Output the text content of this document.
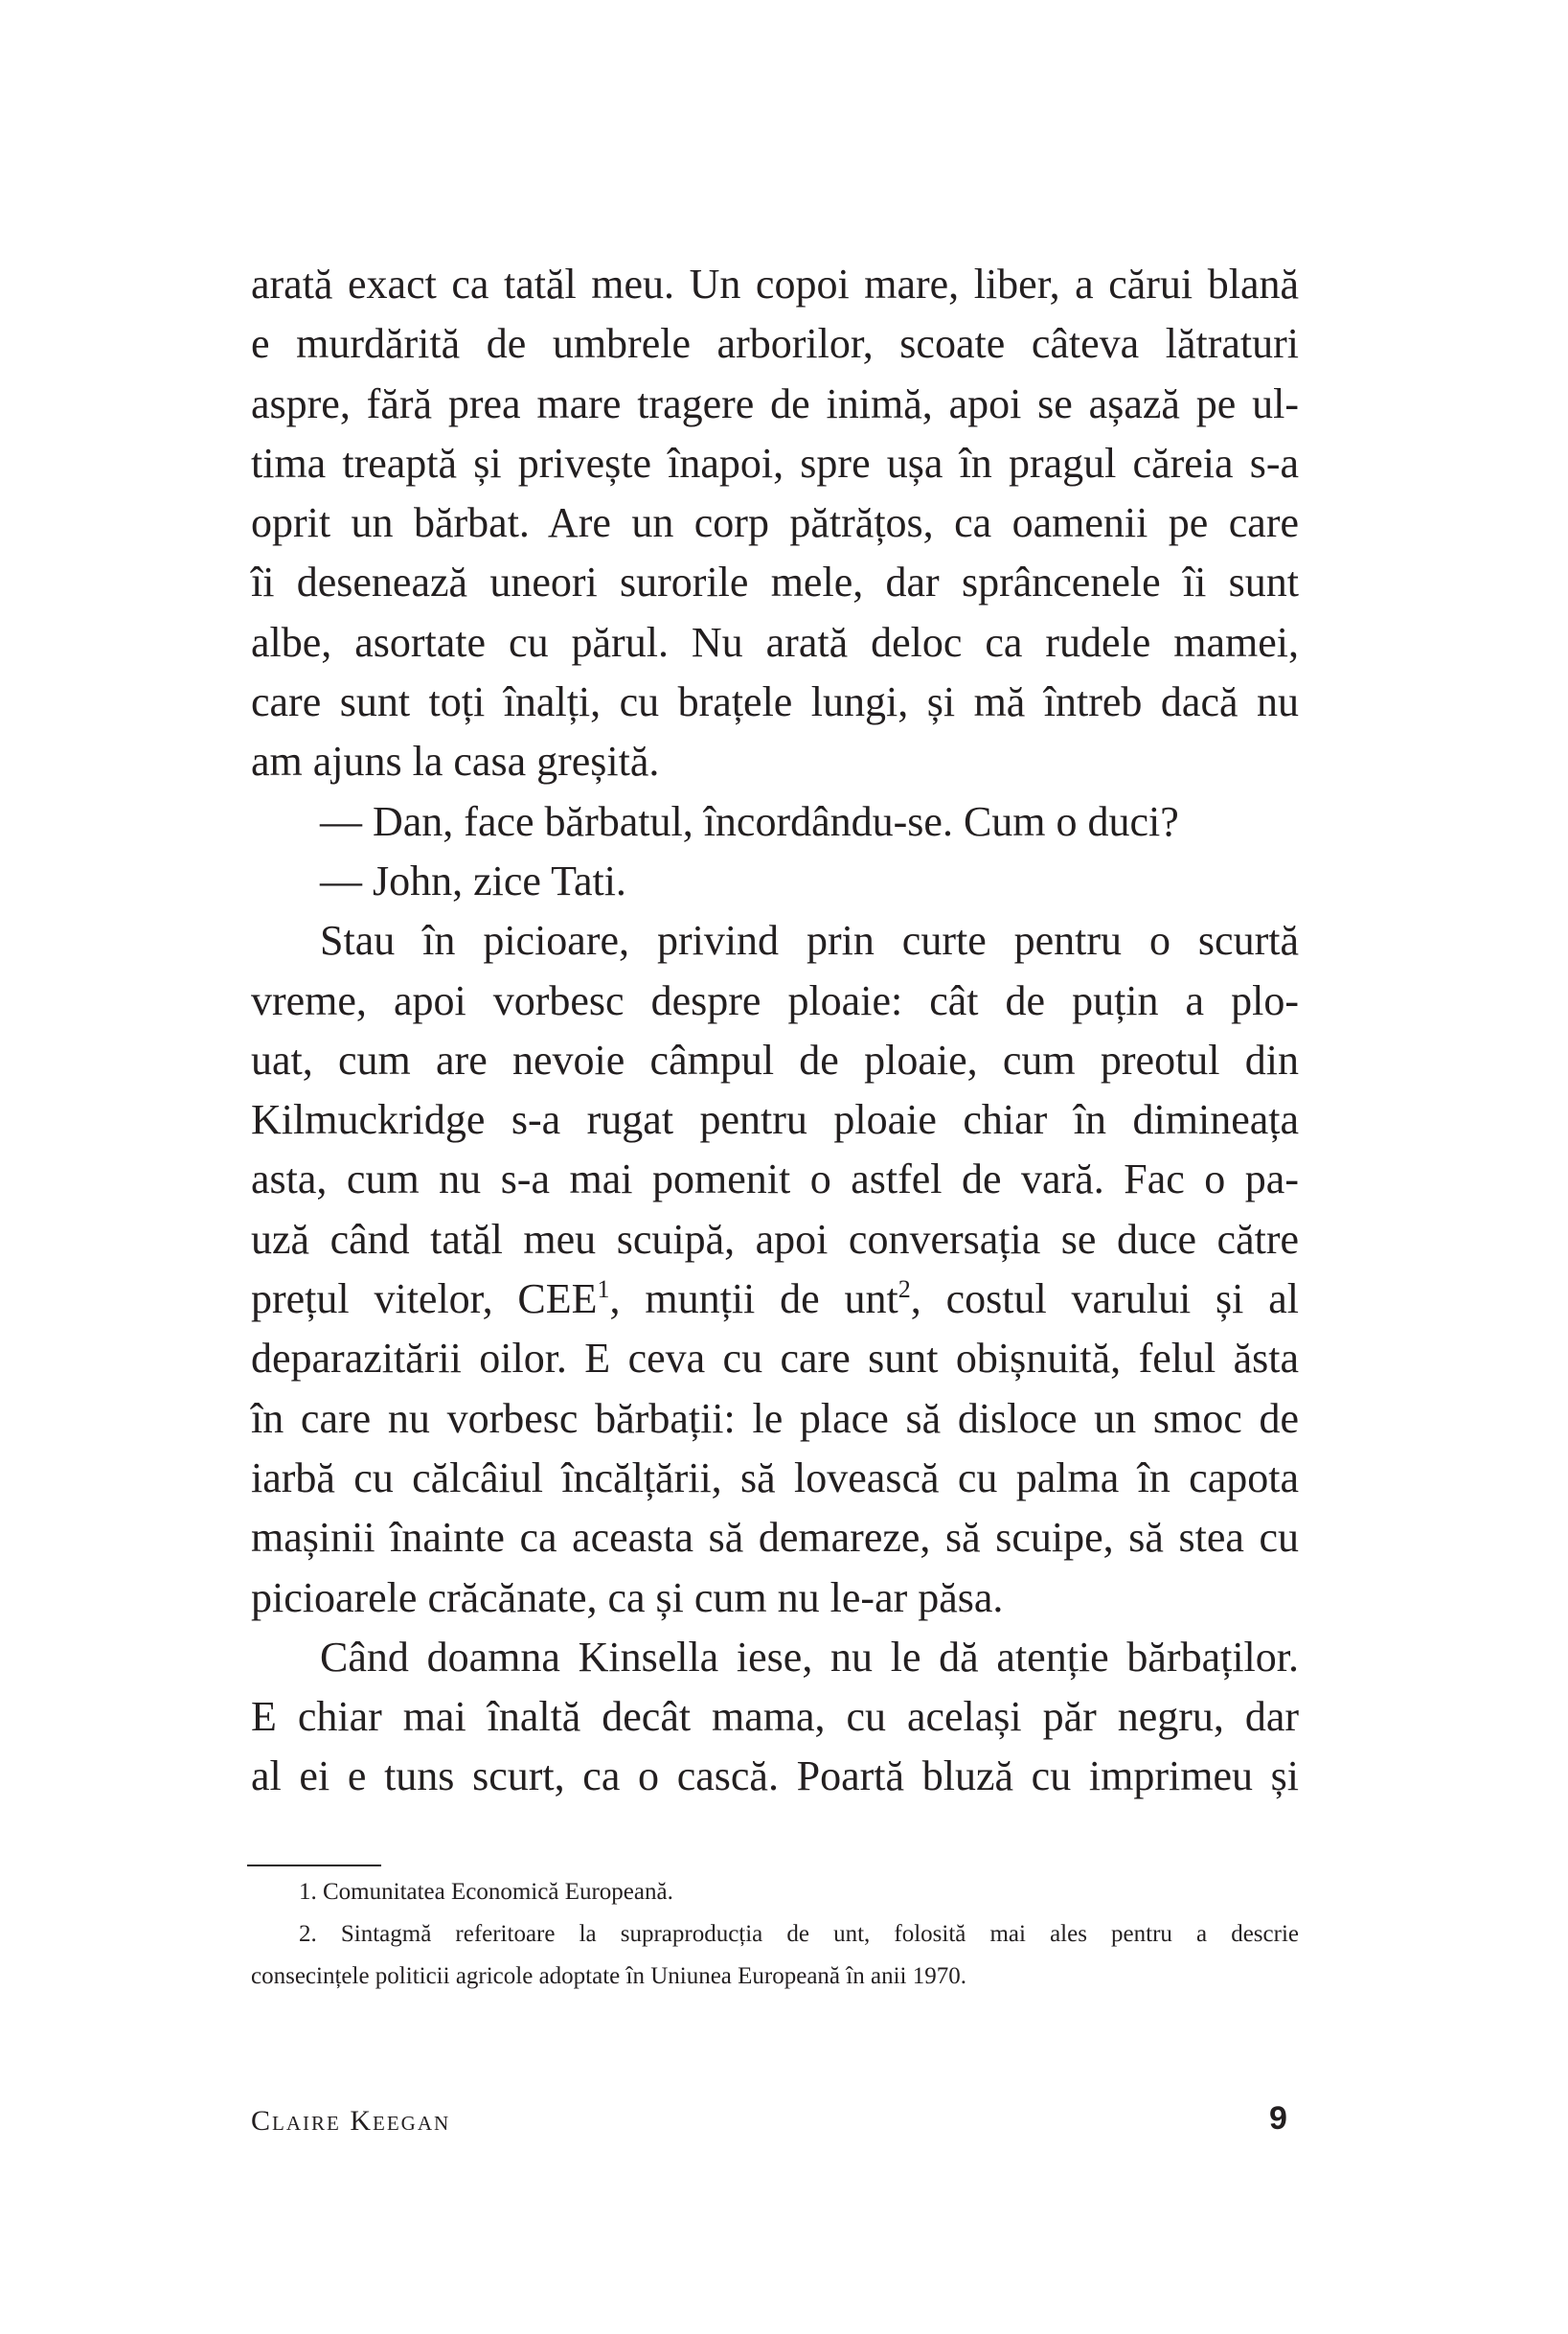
arată exact ca tatăl meu. Un copoi mare, liber, a cărui blană
e murdărită de umbrele arborilor, scoate câteva lătraturi
aspre, fără prea mare tragere de inimă, apoi se așază pe ul-
tima treaptă și privește înapoi, spre ușa în pragul căreia s-a
oprit un bărbat. Are un corp pătrățos, ca oamenii pe care
îi desenează uneori surorile mele, dar sprâncenele îi sunt
albe, asortate cu părul. Nu arată deloc ca rudele mamei,
care sunt toți înalți, cu brațele lungi, și mă întreb dacă nu
am ajuns la casa greșită.
— Dan, face bărbatul, încordându-se. Cum o duci?
— John, zice Tati.
Stau în picioare, privind prin curte pentru o scurtă
vreme, apoi vorbesc despre ploaie: cât de puțin a plo-
uat, cum are nevoie câmpul de ploaie, cum preotul din
Kilmuckridge s-a rugat pentru ploaie chiar în dimineața
asta, cum nu s-a mai pomenit o astfel de vară. Fac o pa-
uză când tatăl meu scuipă, apoi conversația se duce către
prețul vitelor, CEE$^1$, munții de unt$^2$, costul varului și al
deparazitării oilor. E ceva cu care sunt obișnuită, felul ăsta
în care nu vorbesc bărbații: le place să disloce un smoc de
iarbă cu călcâiul încălțării, să lovească cu palma în capota
mașinii înainte ca aceasta să demareze, să scuipe, să stea cu
picioarele crăcănate, ca și cum nu le-ar păsa.
Când doamna Kinsella iese, nu le dă atenție bărbaților.
E chiar mai înaltă decât mama, cu același păr negru, dar
al ei e tuns scurt, ca o cască. Poartă bluză cu imprimeu și
1. Comunitatea Economică Europeană.
2. Sintagmă referitoare la supraproducția de unt, folosită mai ales pentru a descrie
consecințele politicii agricole adoptate în Uniunea Europeană în anii 1970.
Claire Keegan	9
